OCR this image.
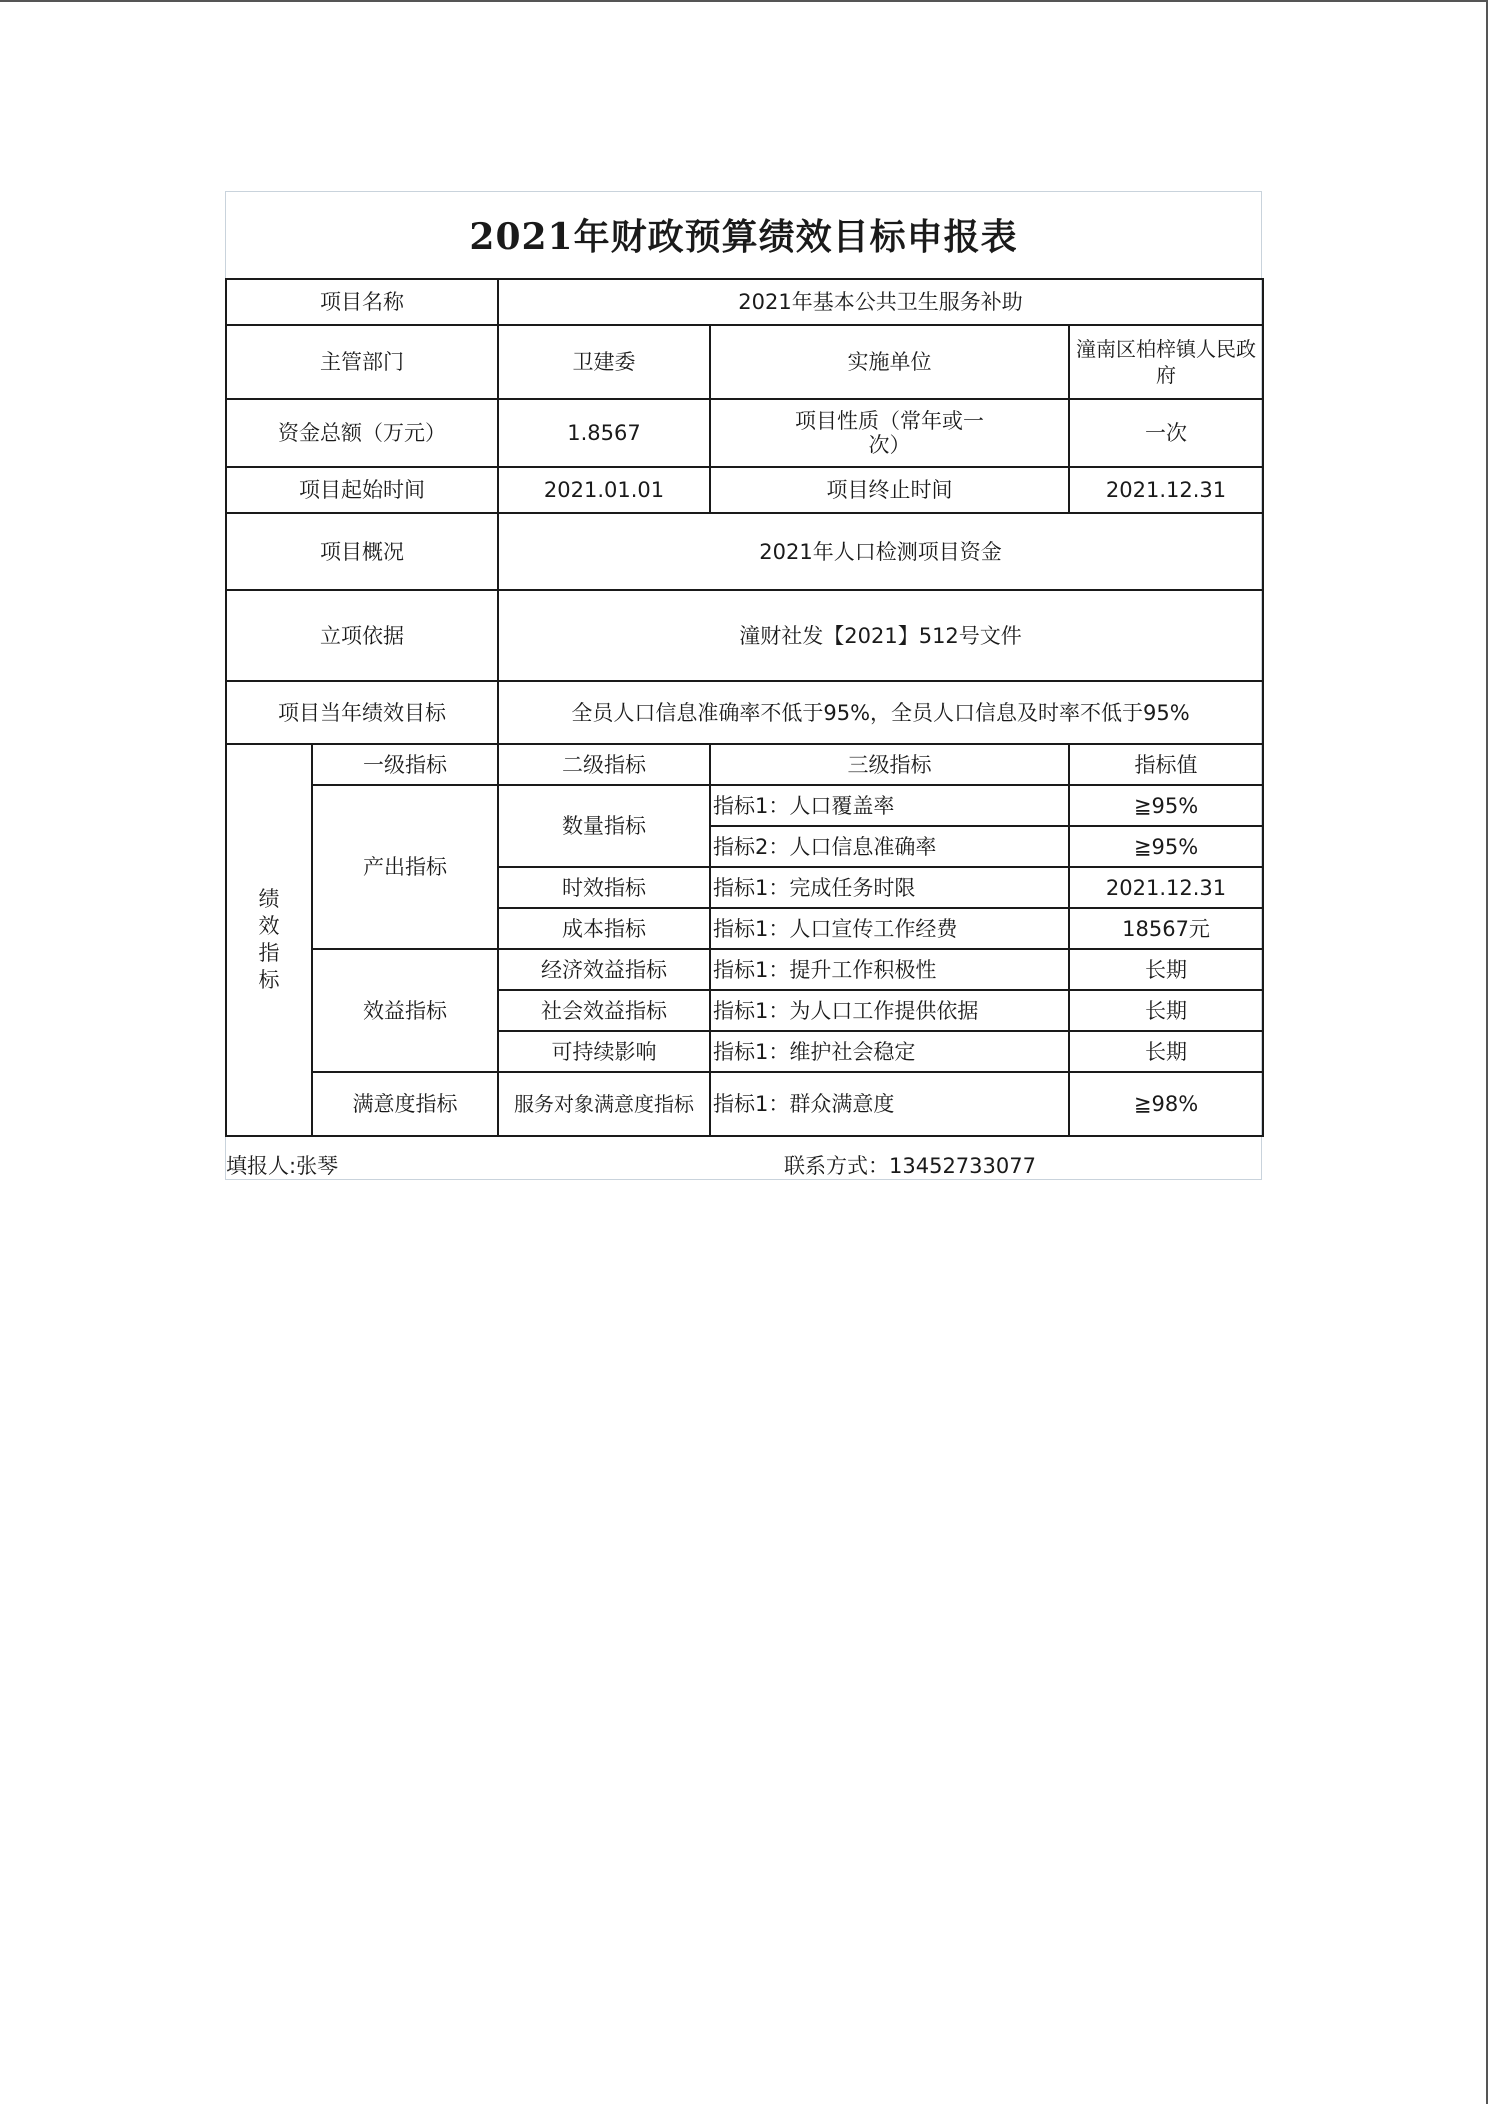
2021年财政预算绩效目标申报表
项目名称		2021年基本公共卫生服务补助		
主管部门		卫建委	实施单位	潼南区柏梓镇人民政府
资金总额（万元）		1.8567	项目性质（常年或一次）	一次
项目起始时间		2021.01.01	项目终止时间	2021.12.31
项目概况		2021年人口检测项目资金		
立项依据		潼财社发【2021】512号文件		
项目当年绩效目标		全员人口信息准确率不低于95%，全员人口信息及时率不低于95%		
绩效指标	一级指标	二级指标	三级指标	指标值
	产出指标	数量指标	指标1：人口覆盖率	≧95%
			指标2：人口信息准确率	≧95%
		时效指标	指标1：完成任务时限	2021.12.31
		成本指标	指标1：人口宣传工作经费	18567元
	效益指标	经济效益指标	指标1：提升工作积极性	长期
		社会效益指标	指标1：为人口工作提供依据	长期
		可持续影响	指标1：维护社会稳定	长期
	满意度指标	服务对象满意度指标	指标1：群众满意度	≧98%
填报人:张琴	联系方式：13452733077
